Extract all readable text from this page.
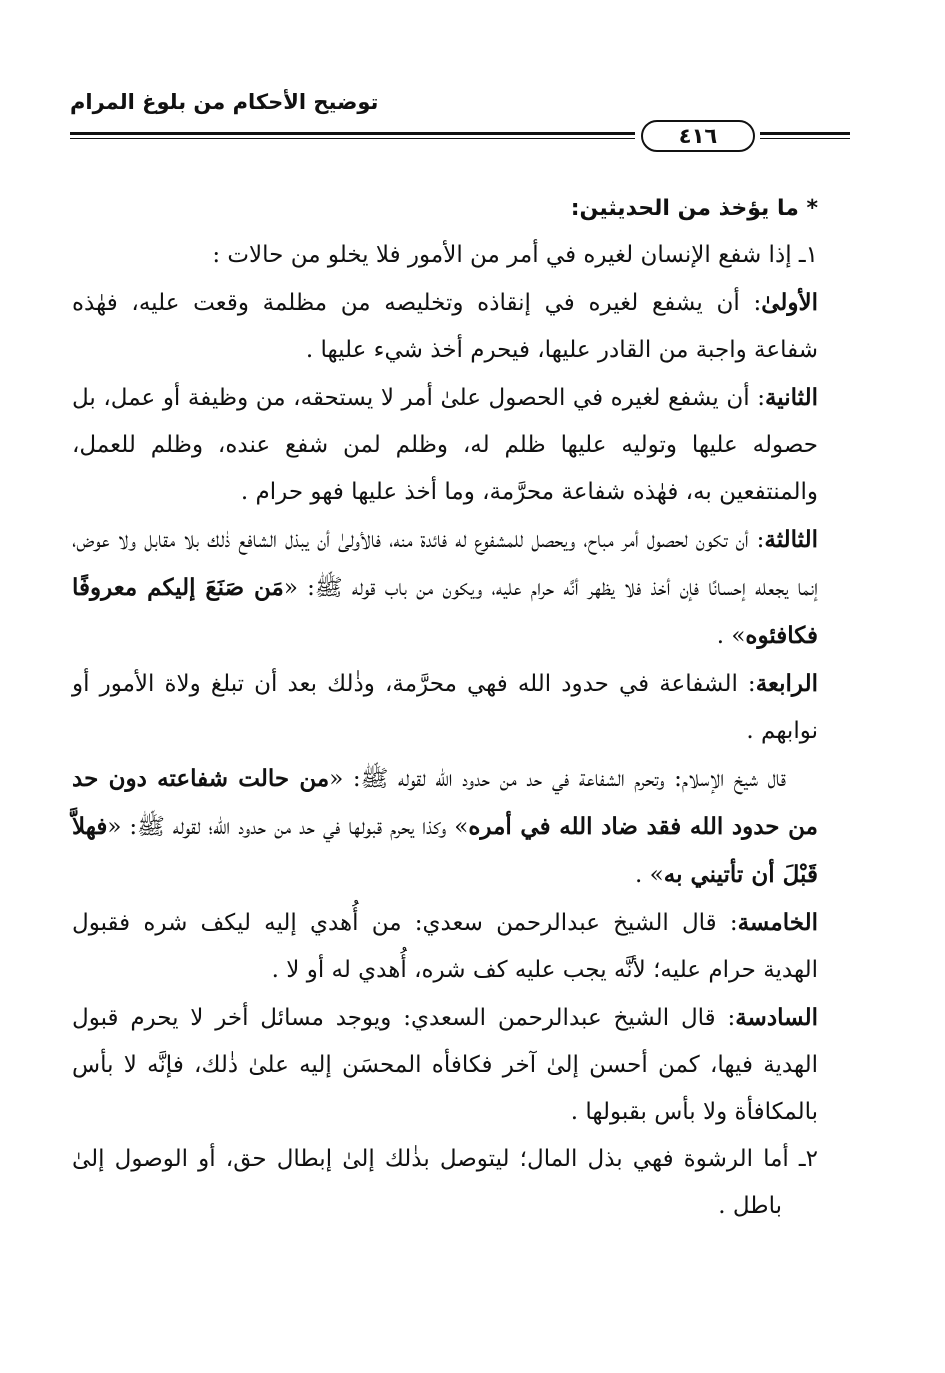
توضيح الأحكام من بلوغ المرام
٤١٦

* ما يؤخذ من الحديثين:

١ـ إذا شفع الإنسان لغيره في أمر من الأمور فلا يخلو من حالات :

الأولىٰ: أن يشفع لغيره في إنقاذه وتخليصه من مظلمة وقعت عليه، فهٰذه شفاعة واجبة من القادر عليها، فيحرم أخذ شيء عليها .

الثانية: أن يشفع لغيره في الحصول علىٰ أمر لا يستحقه، من وظيفة أو عمل، بل حصوله عليها وتوليه عليها ظلم له، وظلم لمن شفع عنده، وظلم للعمل، والمنتفعين به، فهٰذه شفاعة محرَّمة، وما أخذ عليها فهو حرام .

الثالثة: أن تكون لحصول أمر مباح، ويحصل للمشفوع له فائدة منه، فالأولىٰ أن يبذل الشافع ذٰلك بلا مقابل ولا عوض، إنما يجعله إحسانًا فإن أخذ فلا يظهر أنَّه حرام عليه، ويكون من باب قوله ﷺ: «مَن صَنَعَ إليكم معروفًا فكافئوه» .

الرابعة: الشفاعة في حدود الله فهي محرَّمة، وذٰلك بعد أن تبلغ ولاة الأمور أو نوابهم .

قال شيخ الإسلام: وتحرم الشفاعة في حد من حدود الله لقوله ﷺ: «من حالت شفاعته دون حد من حدود الله فقد ضاد الله في أمره» وكذا يحرم قبولها في حد من حدود الله؛ لقوله ﷺ: «فهلاَّ قَبْلَ أن تأتيني به» .

الخامسة: قال الشيخ عبدالرحمن سعدي: من أُهدي إليه ليكف شره فقبول الهدية حرام عليه؛ لأنَّه يجب عليه كف شره، أُهدي له أو لا .

السادسة: قال الشيخ عبدالرحمن السعدي: ويوجد مسائل أخر لا يحرم قبول الهدية فيها، كمن أحسن إلىٰ آخر فكافأه المحسَن إليه علىٰ ذٰلك، فإنَّه لا بأس بالمكافأة ولا بأس بقبولها .

٢ـ أما الرشوة فهي بذل المال؛ ليتوصل بذٰلك إلىٰ إبطال حق، أو الوصول إلىٰ باطل .
